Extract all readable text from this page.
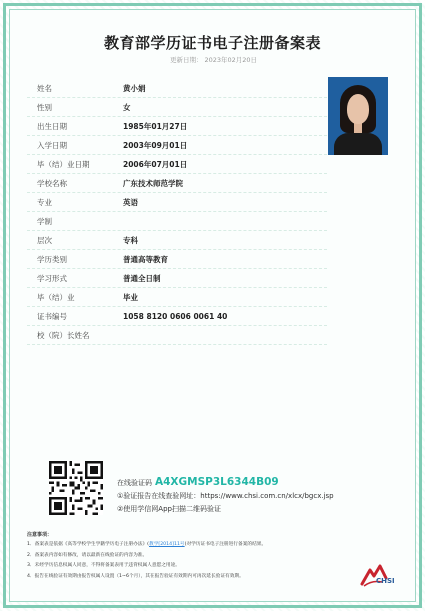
教育部学历证书电子注册备案表
更新日期： 2023年02月20日
姓名	黄小娟
性别	女
出生日期	1985年01月27日
入学日期	2003年09月01日
毕（结）业日期	2006年07月01日
学校名称	广东技术师范学院
专业	英语
学制
层次	专科
学历类别	普通高等教育
学习形式	普通全日制
毕（结）业	毕业
证书编号	1058 8120 0606 0061 40
校（院）长姓名
在线验证码 A4XGMSP3L6344B09
①验证报告在线查验网址：https://www.chsi.com.cn/xlcx/bgcx.jsp
②使用学信网App扫描二维码验证
注意事项：
1．备案表是依据《高等学校学生学籍学历电子注册办法》(教学[2014]11号)对学历证书电子注册进行备案的结果。
2．备案表内容如有修改，请以最新在线验证的内容为准。
3．未经学历信息权属人同意，不得将备案表用于违背权属人意愿之用途。
4．报告在线验证有效期由报告权属人设置（1~6个月），其在报告验证有效期内可再次延长验证有效期。
CHSI
